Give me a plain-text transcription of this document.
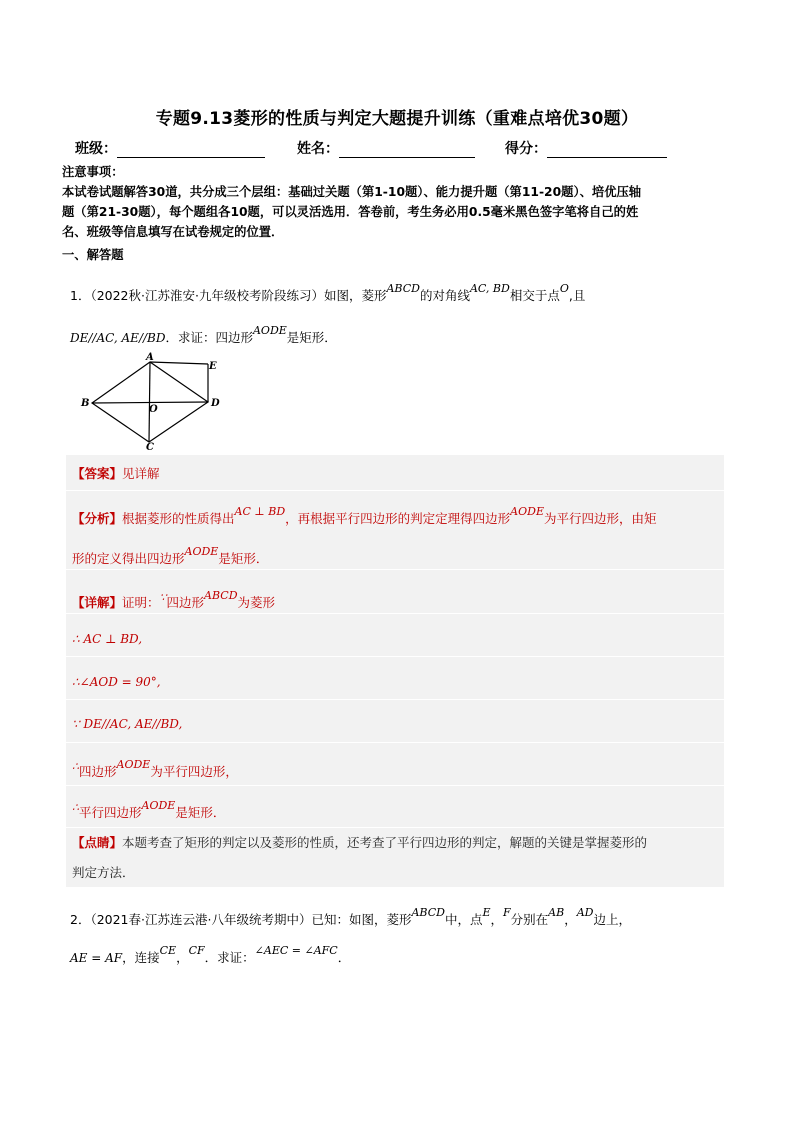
专题9.13菱形的性质与判定大题提升训练（重难点培优30题）
班级：	姓名：	得分：
注意事项：
本试卷试题解答30道，共分成三个层组：基础过关题（第1-10题）、能力提升题（第11-20题）、培优压轴
题（第21-30题），每个题组各10题，可以灵活选用．答卷前，考生务必用0.5毫米黑色签字笔将自己的姓
名、班级等信息填写在试卷规定的位置．
一、解答题
1．（2022秋·江苏淮安·九年级校考阶段练习）如图，菱形ABCD的对角线AC, BD相交于点O,且
DE//AC, AE//BD．求证：四边形AODE是矩形．
A
B
C
D
E
O
【答案】见详解
【分析】根据菱形的性质得出AC ⊥ BD，再根据平行四边形的判定定理得四边形AODE为平行四边形，由矩
形的定义得出四边形AODE是矩形．
【详解】证明：∵四边形ABCD为菱形
∴ AC ⊥ BD,
∴∠AOD = 90°,
∵ DE//AC, AE//BD,
∴四边形AODE为平行四边形，
∴平行四边形AODE是矩形．
【点睛】本题考查了矩形的判定以及菱形的性质，还考查了平行四边形的判定，解题的关键是掌握菱形的
判定方法．
2．（2021春·江苏连云港·八年级统考期中）已知：如图，菱形ABCD中，点E，F分别在AB，AD边上，
AE = AF，连接CE，CF．求证：∠AEC = ∠AFC．
